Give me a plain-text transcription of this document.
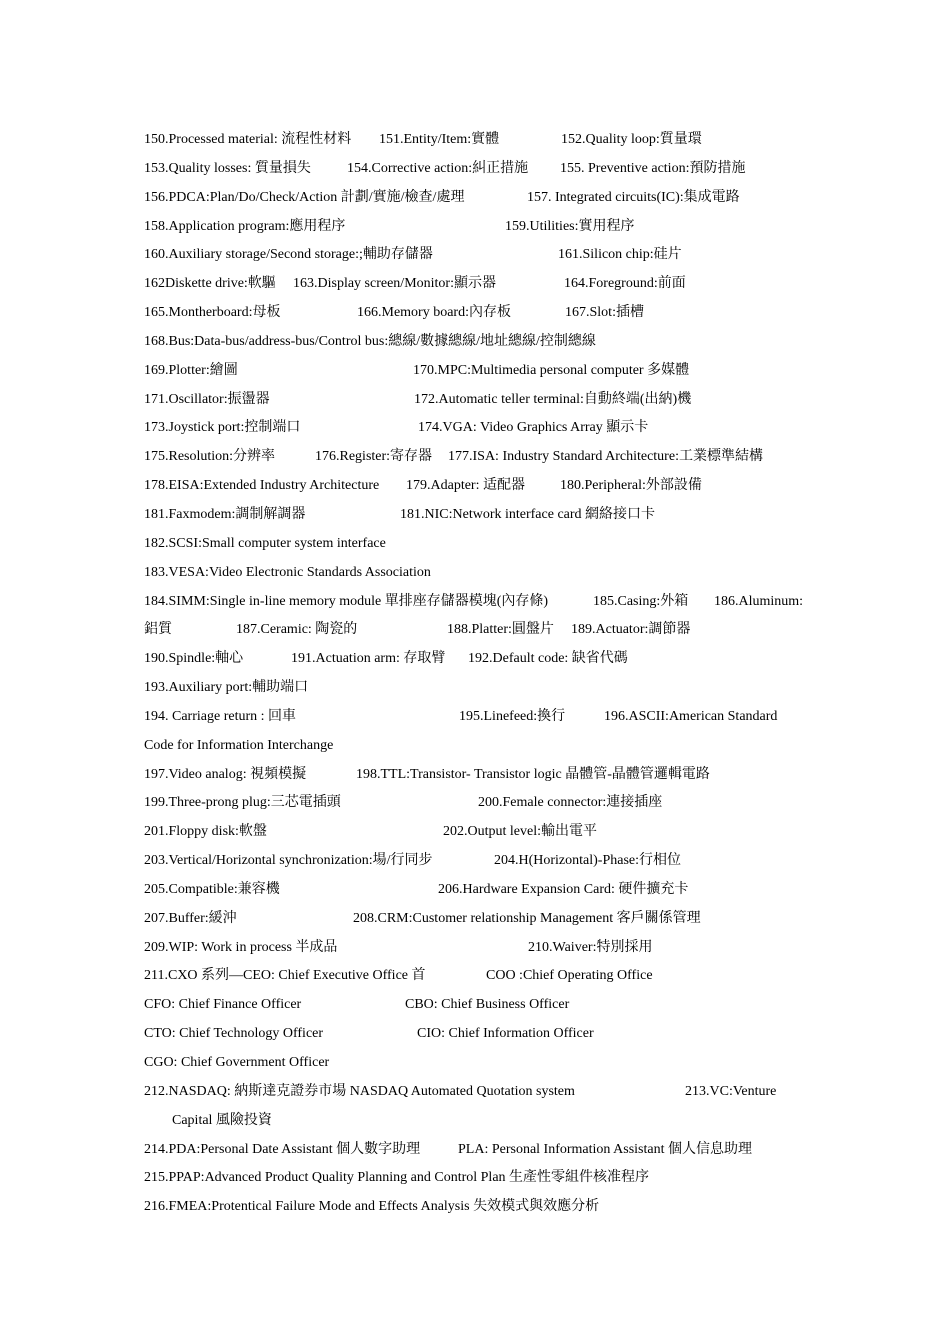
150.Processed material: 流程性材料 151.Entity/Item:實體	152.Quality loop:質量環
153.Quality losses: 質量損失	154.Corrective action:糾正措施 155. Preventive action:預防措施
156.PDCA:Plan/Do/Check/Action 計劃/實施/檢查/處理	157. Integrated circuits(IC):集成電路
158.Application program:應用程序	159.Utilities:實用程序
160.Auxiliary storage/Second storage:;輔助存儲器	161.Silicon chip:硅片
162Diskette drive:軟驅 163.Display screen/Monitor:顯示器	164.Foreground:前面
165.Montherboard:母板	166.Memory board:內存板	167.Slot:插槽
168.Bus:Data-bus/address-bus/Control bus:總線/數據總線/地址總線/控制總線
169.Plotter:繪圖	170.MPC:Multimedia personal computer 多媒體
171.Oscillator:振盪器	172.Automatic teller terminal:自動終端(出納)機
173.Joystick port:控制端口	174.VGA: Video Graphics Array 顯示卡
175.Resolution:分辨率	176.Register:寄存器 177.ISA: Industry Standard Architecture:工業標準結構
178.EISA:Extended Industry Architecture 179.Adapter: 适配器	180.Peripheral:外部設備
181.Faxmodem:調制解調器	181.NIC:Network interface card 網絡接口卡
182.SCSI:Small computer system interface
183.VESA:Video Electronic Standards Association
184.SIMM:Single in-line memory module 單排座存儲器模塊(內存條)	185.Casing:外箱 186.Aluminum:
鋁質	187.Ceramic: 陶瓷的	188.Platter:圓盤片 189.Actuator:調節器
190.Spindle:軸心	191.Actuation arm: 存取臂 192.Default code: 缺省代碼
193.Auxiliary port:輔助端口
194. Carriage return : 回車	195.Linefeed:換行	196.ASCII:American Standard
Code for Information Interchange
197.Video analog: 視頻模擬	198.TTL:Transistor- Transistor logic 晶體管-晶體管邏輯電路
199.Three-prong plug:三芯電插頭	200.Female connector:連接插座
201.Floppy disk:軟盤	202.Output level:輸出電平
203.Vertical/Horizontal synchronization:場/行同步	204.H(Horizontal)-Phase:行相位
205.Compatible:兼容機	206.Hardware Expansion Card: 硬件擴充卡
207.Buffer:緩沖	208.CRM:Customer relationship Management 客戶關係管理
209.WIP: Work in process 半成品	210.Waiver:特別採用
211.CXO 系列—CEO: Chief Executive Office 首	COO :Chief Operating Office
CFO: Chief Finance Officer	CBO: Chief Business Officer
CTO: Chief Technology Officer	CIO: Chief Information Officer
CGO: Chief Government Officer
212.NASDAQ: 納斯達克證券市場 NASDAQ Automated Quotation system	213.VC:Venture
Capital 風險投資
214.PDA:Personal Date Assistant 個人數字助理	PLA: Personal Information Assistant 個人信息助理
215.PPAP:Advanced Product Quality Planning and Control Plan 生產性零組件核准程序
216.FMEA:Protentical Failure Mode and Effects Analysis 失效模式與效應分析
